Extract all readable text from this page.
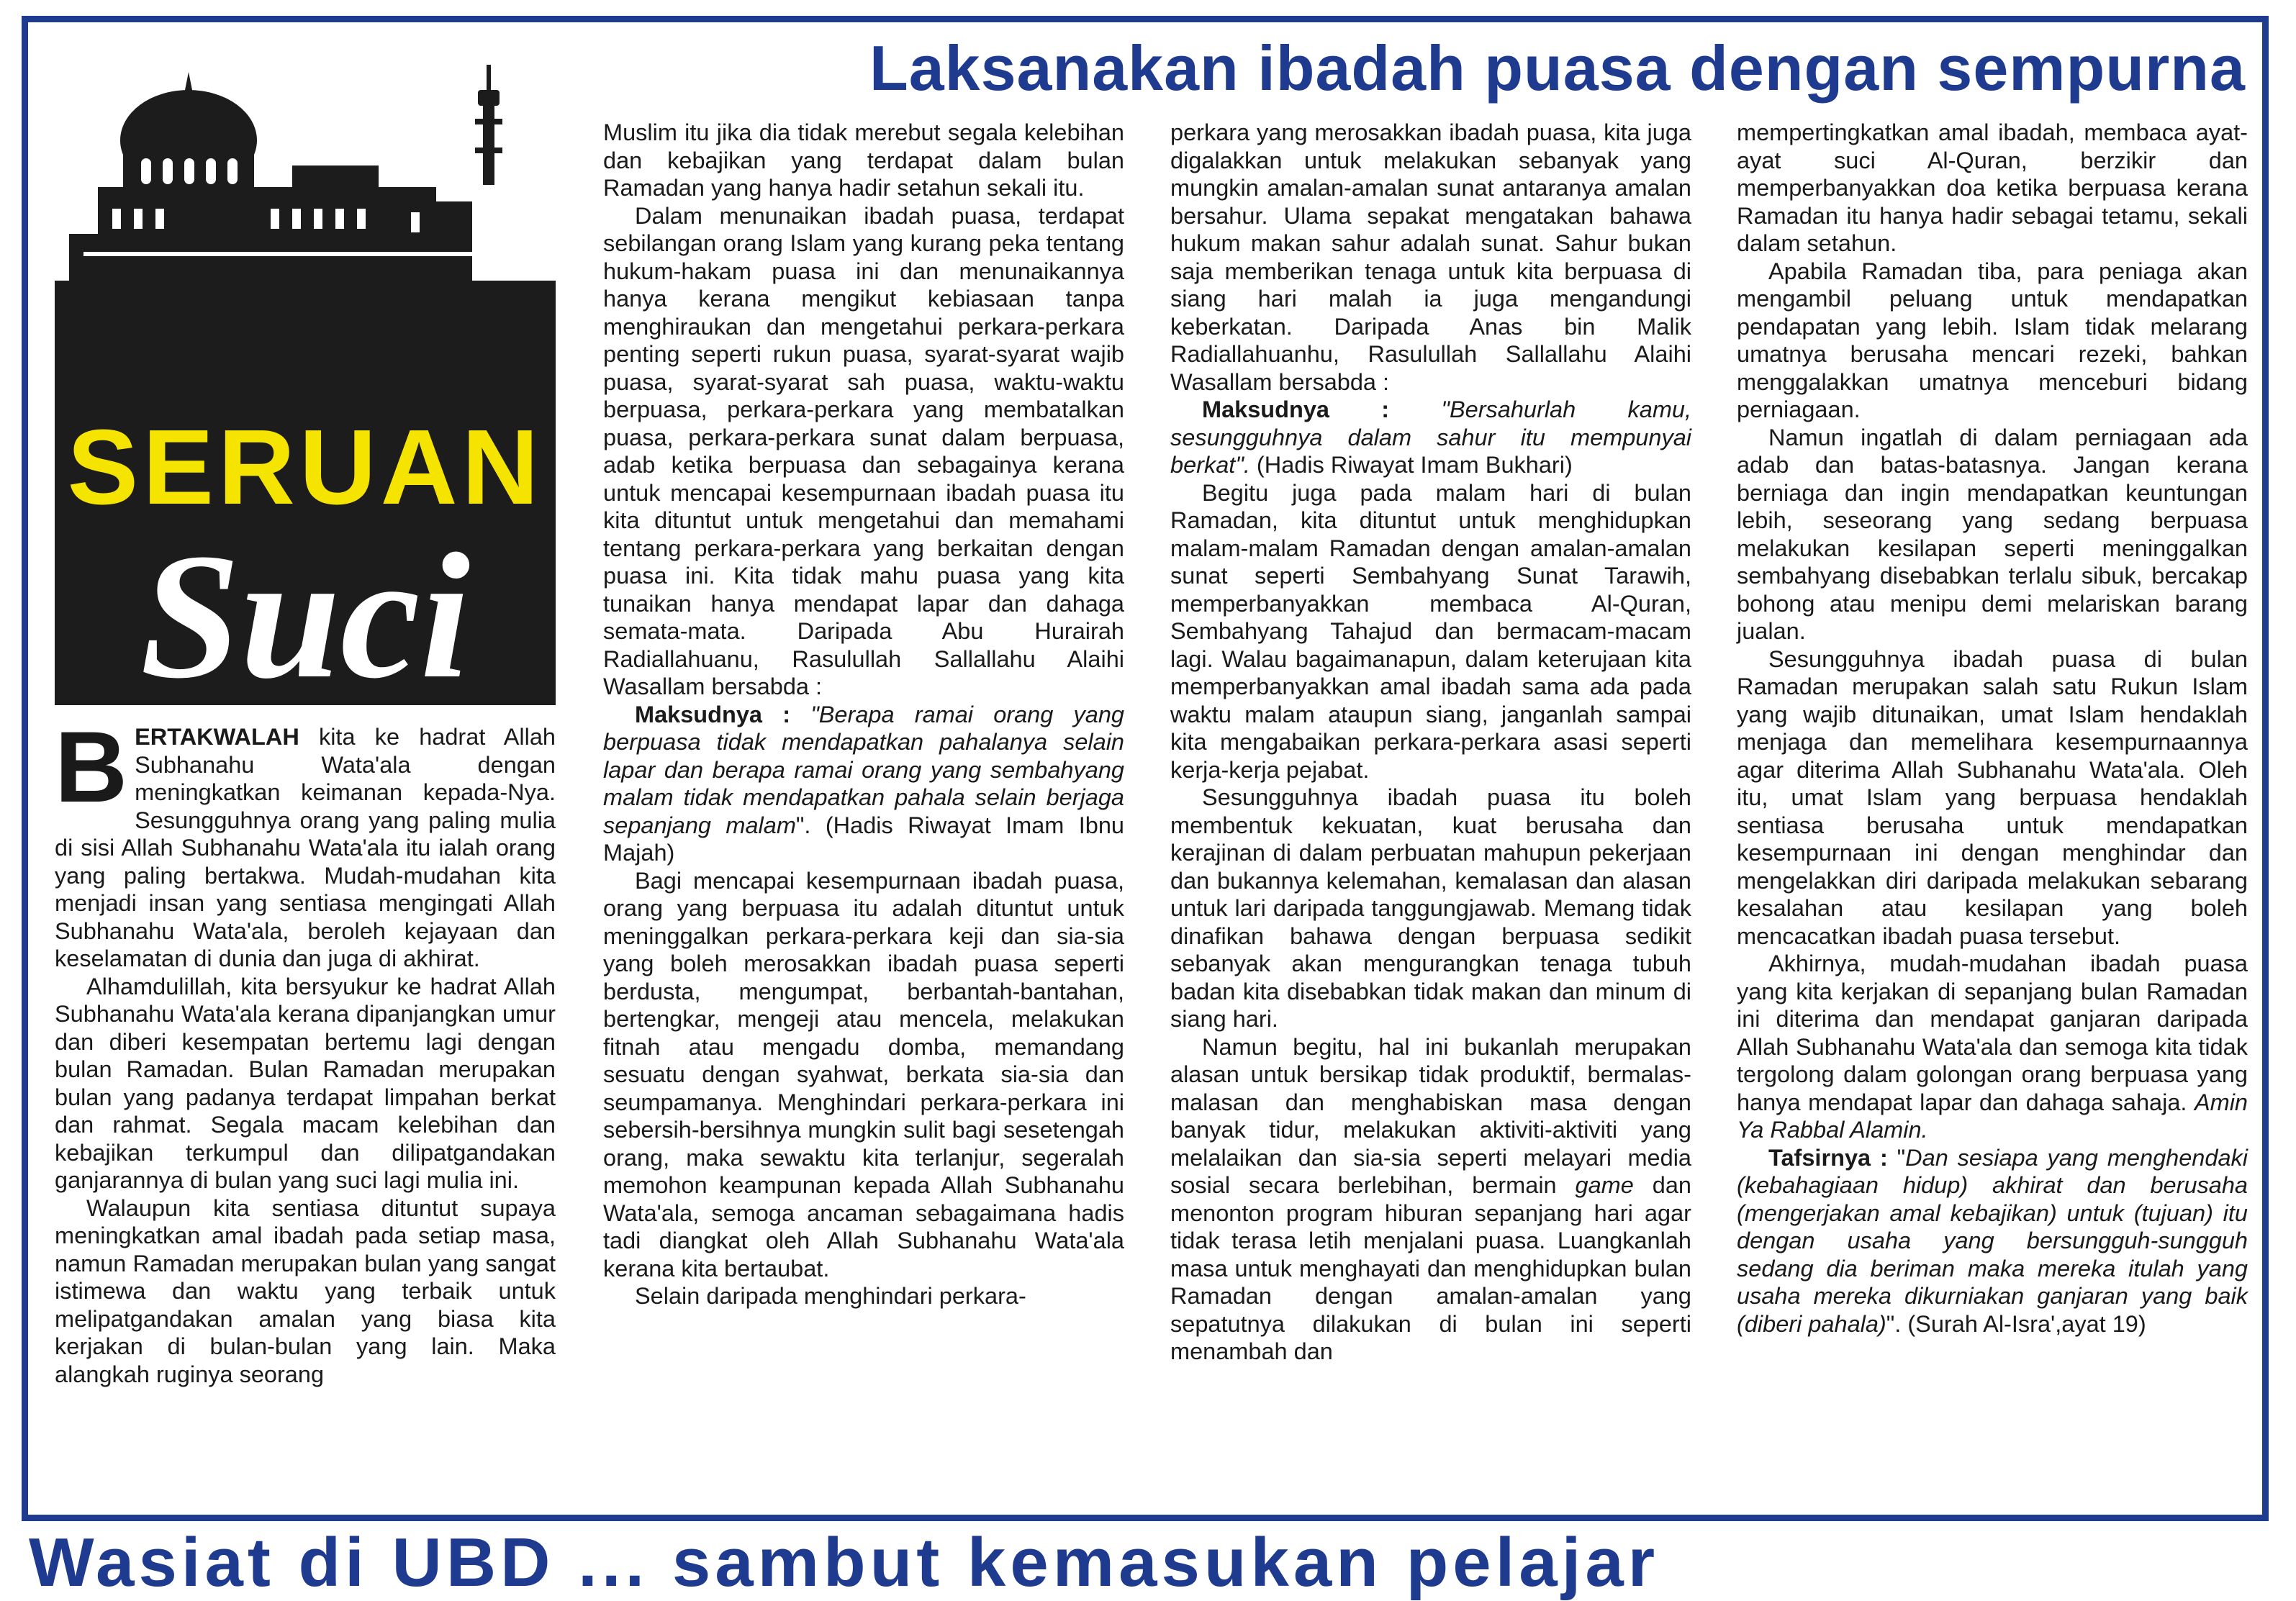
Laksanakan ibadah puasa dengan sempurna
SERUAN
Suci

BERTAKWALAH kita ke hadrat Allah Subhanahu Wata'ala dengan meningkatkan keimanan kepada-Nya. Sesungguhnya orang yang paling mulia di sisi Allah Subhanahu Wata'ala itu ialah orang yang paling bertakwa. Mudah-mudahan kita menjadi insan yang sentiasa mengingati Allah Subhanahu Wata'ala, beroleh kejayaan dan keselamatan di dunia dan juga di akhirat.

Alhamdulillah, kita bersyukur ke hadrat Allah Subhanahu Wata'ala kerana dipanjangkan umur dan diberi kesempatan bertemu lagi dengan bulan Ramadan. Bulan Ramadan merupakan bulan yang padanya terdapat limpahan berkat dan rahmat. Segala macam kelebihan dan kebajikan terkumpul dan dilipatgandakan ganjarannya di bulan yang suci lagi mulia ini.

Walaupun kita sentiasa dituntut supaya meningkatkan amal ibadah pada setiap masa, namun Ramadan merupakan bulan yang sangat istimewa dan waktu yang terbaik untuk melipatgandakan amalan yang biasa kita kerjakan di bulan-bulan yang lain. Maka alangkah ruginya seorang

Muslim itu jika dia tidak merebut segala kelebihan dan kebajikan yang terdapat dalam bulan Ramadan yang hanya hadir setahun sekali itu.

Dalam menunaikan ibadah puasa, terdapat sebilangan orang Islam yang kurang peka tentang hukum-hakam puasa ini dan menunaikannya hanya kerana mengikut kebiasaan tanpa menghiraukan dan mengetahui perkara-perkara penting seperti rukun puasa, syarat-syarat wajib puasa, syarat-syarat sah puasa, waktu-waktu berpuasa, perkara-perkara yang membatalkan puasa, perkara-perkara sunat dalam berpuasa, adab ketika berpuasa dan sebagainya kerana untuk mencapai kesempurnaan ibadah puasa itu kita dituntut untuk mengetahui dan memahami tentang perkara-perkara yang berkaitan dengan puasa ini. Kita tidak mahu puasa yang kita tunaikan hanya mendapat lapar dan dahaga semata-mata. Daripada Abu Hurairah Radiallahuanu, Rasulullah Sallallahu Alaihi Wasallam bersabda :

Maksudnya : "Berapa ramai orang yang berpuasa tidak mendapatkan pahalanya selain lapar dan berapa ramai orang yang sembahyang malam tidak mendapatkan pahala selain berjaga sepanjang malam". (Hadis Riwayat Imam Ibnu Majah)

Bagi mencapai kesempurnaan ibadah puasa, orang yang berpuasa itu adalah dituntut untuk meninggalkan perkara-perkara keji dan sia-sia yang boleh merosakkan ibadah puasa seperti berdusta, mengumpat, berbantah-bantahan, bertengkar, mengeji atau mencela, melakukan fitnah atau mengadu domba, memandang sesuatu dengan syahwat, berkata sia-sia dan seumpamanya. Menghindari perkara-perkara ini sebersih-bersihnya mungkin sulit bagi sesetengah orang, maka sewaktu kita terlanjur, segeralah memohon keampunan kepada Allah Subhanahu Wata'ala, semoga ancaman sebagaimana hadis tadi diangkat oleh Allah Subhanahu Wata'ala kerana kita bertaubat.

Selain daripada menghindari perkara-

perkara yang merosakkan ibadah puasa, kita juga digalakkan untuk melakukan sebanyak yang mungkin amalan-amalan sunat antaranya amalan bersahur. Ulama sepakat mengatakan bahawa hukum makan sahur adalah sunat. Sahur bukan saja memberikan tenaga untuk kita berpuasa di siang hari malah ia juga mengandungi keberkatan. Daripada Anas bin Malik Radiallahuanhu, Rasulullah Sallallahu Alaihi Wasallam bersabda :

Maksudnya : "Bersahurlah kamu, sesungguhnya dalam sahur itu mempunyai berkat". (Hadis Riwayat Imam Bukhari)

Begitu juga pada malam hari di bulan Ramadan, kita dituntut untuk menghidupkan malam-malam Ramadan dengan amalan-amalan sunat seperti Sembahyang Sunat Tarawih, memperbanyakkan membaca Al-Quran, Sembahyang Tahajud dan bermacam-macam lagi. Walau bagaimanapun, dalam keterujaan kita memperbanyakkan amal ibadah sama ada pada waktu malam ataupun siang, janganlah sampai kita mengabaikan perkara-perkara asasi seperti kerja-kerja pejabat.

Sesungguhnya ibadah puasa itu boleh membentuk kekuatan, kuat berusaha dan kerajinan di dalam perbuatan mahupun pekerjaan dan bukannya kelemahan, kemalasan dan alasan untuk lari daripada tanggungjawab. Memang tidak dinafikan bahawa dengan berpuasa sedikit sebanyak akan mengurangkan tenaga tubuh badan kita disebabkan tidak makan dan minum di siang hari.

Namun begitu, hal ini bukanlah merupakan alasan untuk bersikap tidak produktif, bermalas-malasan dan menghabiskan masa dengan banyak tidur, melakukan aktiviti-aktiviti yang melalaikan dan sia-sia seperti melayari media sosial secara berlebihan, bermain game dan menonton program hiburan sepanjang hari agar tidak terasa letih menjalani puasa. Luangkanlah masa untuk menghayati dan menghidupkan bulan Ramadan dengan amalan-amalan yang sepatutnya dilakukan di bulan ini seperti menambah dan

mempertingkatkan amal ibadah, membaca ayat-ayat suci Al-Quran, berzikir dan memperbanyakkan doa ketika berpuasa kerana Ramadan itu hanya hadir sebagai tetamu, sekali dalam setahun.

Apabila Ramadan tiba, para peniaga akan mengambil peluang untuk mendapatkan pendapatan yang lebih. Islam tidak melarang umatnya berusaha mencari rezeki, bahkan menggalakkan umatnya menceburi bidang perniagaan.

Namun ingatlah di dalam perniagaan ada adab dan batas-batasnya. Jangan kerana berniaga dan ingin mendapatkan keuntungan lebih, seseorang yang sedang berpuasa melakukan kesilapan seperti meninggalkan sembahyang disebabkan terlalu sibuk, bercakap bohong atau menipu demi melariskan barang jualan.

Sesungguhnya ibadah puasa di bulan Ramadan merupakan salah satu Rukun Islam yang wajib ditunaikan, umat Islam hendaklah menjaga dan memelihara kesempurnaannya agar diterima Allah Subhanahu Wata'ala. Oleh itu, umat Islam yang berpuasa hendaklah sentiasa berusaha untuk mendapatkan kesempurnaan ini dengan menghindar dan mengelakkan diri daripada melakukan sebarang kesalahan atau kesilapan yang boleh mencacatkan ibadah puasa tersebut.

Akhirnya, mudah-mudahan ibadah puasa yang kita kerjakan di sepanjang bulan Ramadan ini diterima dan mendapat ganjaran daripada Allah Subhanahu Wata'ala dan semoga kita tidak tergolong dalam golongan orang berpuasa yang hanya mendapat lapar dan dahaga sahaja. Amin Ya Rabbal Alamin.

Tafsirnya : "Dan sesiapa yang menghendaki (kebahagiaan hidup) akhirat dan berusaha (mengerjakan amal kebajikan) untuk (tujuan) itu dengan usaha yang bersungguh-sungguh sedang dia beriman maka mereka itulah yang usaha mereka dikurniakan ganjaran yang baik (diberi pahala)". (Surah Al-Isra',ayat 19)

Wasiat di UBD ... sambut kemasukan pelajar
